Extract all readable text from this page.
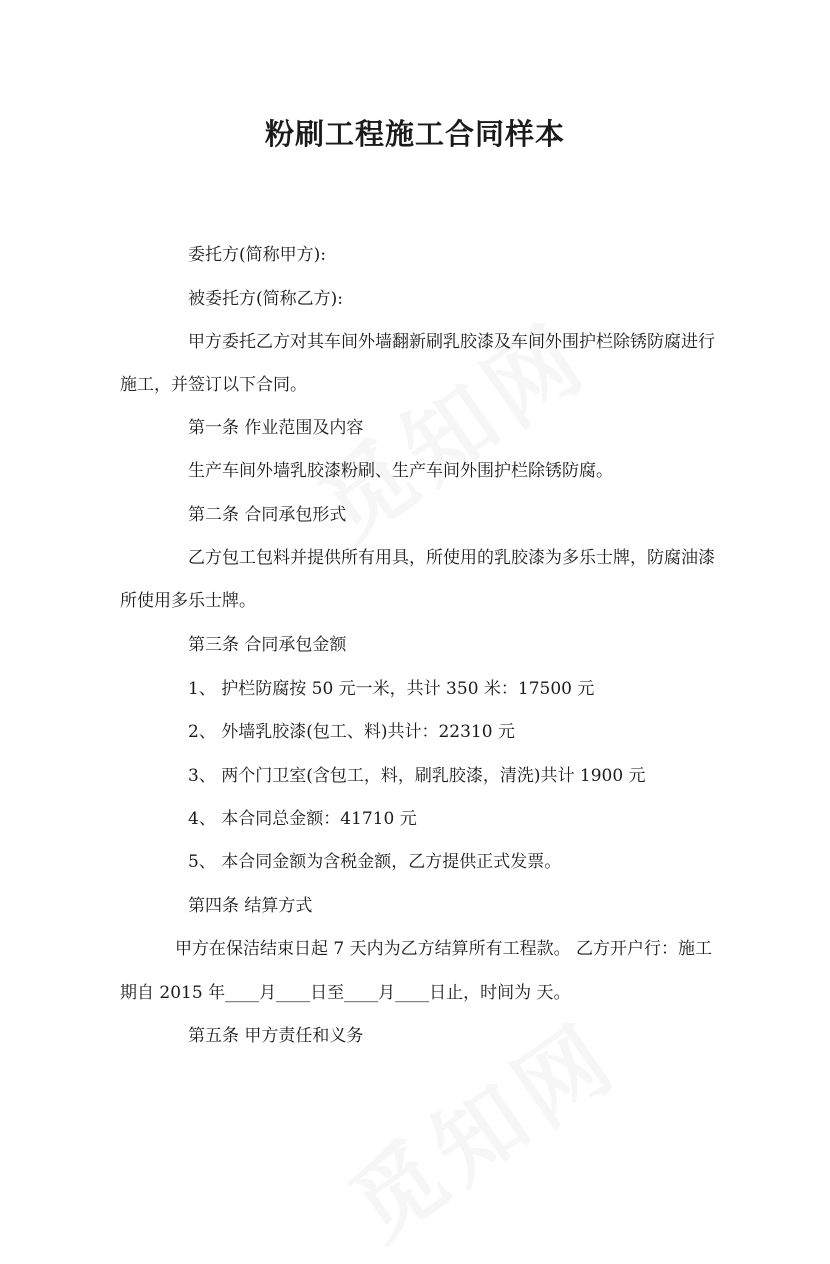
粉刷工程施工合同样本
委托方(简称甲方):
被委托方(简称乙方):
甲方委托乙方对其车间外墙翻新刷乳胶漆及车间外围护栏除锈防腐进行
施工，并签订以下合同。
第一条 作业范围及内容
生产车间外墙乳胶漆粉刷、生产车间外围护栏除锈防腐。
第二条 合同承包形式
乙方包工包料并提供所有用具，所使用的乳胶漆为多乐士牌，防腐油漆
所使用多乐士牌。
第三条 合同承包金额
1、 护栏防腐按 50 元一米，共计 350 米：17500 元
2、 外墙乳胶漆(包工、料)共计：22310 元
3、 两个门卫室(含包工，料，刷乳胶漆，清洗)共计 1900 元
4、 本合同总金额：41710 元
5、 本合同金额为含税金额，乙方提供正式发票。
第四条 结算方式
甲方在保洁结束日起 7 天内为乙方结算所有工程款。 乙方开户行：施工
期自 2015 年____月____日至____月____日止，时间为 天。
第五条 甲方责任和义务
